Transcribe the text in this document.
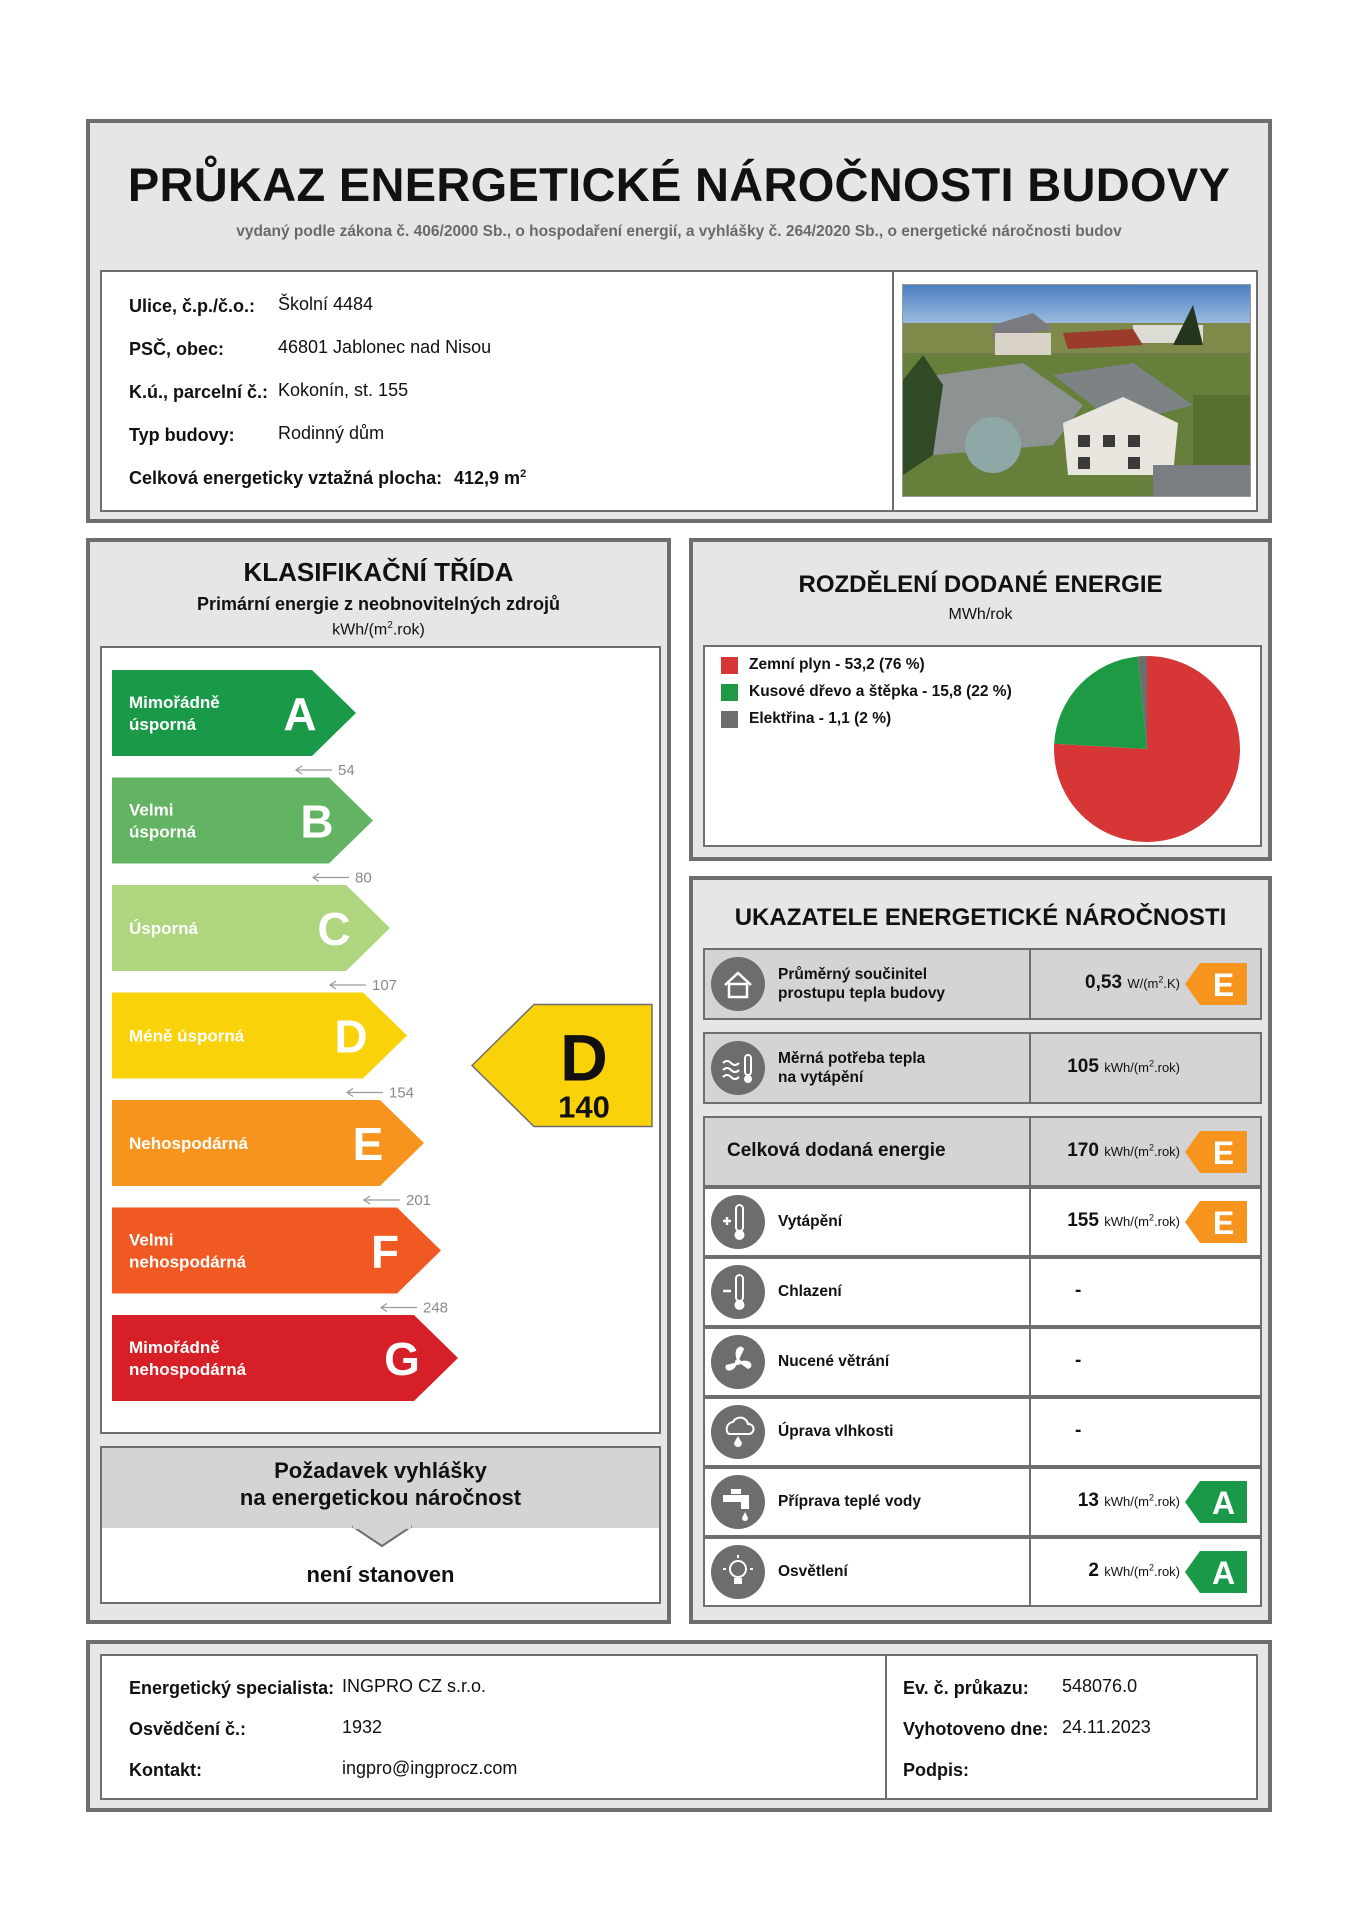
PRŮKAZ ENERGETICKÉ NÁROČNOSTI BUDOVY
vydaný podle zákona č. 406/2000 Sb., o hospodaření energií, a vyhlášky č. 264/2020 Sb., o energetické náročnosti budov
Ulice, č.p./č.o.: Školní 4484
PSČ, obec:	46801 Jablonec nad Nisou
K.ú., parcelní č.: Kokonín, st. 155
Typ budovy: Rodinný dům
Celková energeticky vztažná plocha: 412,9 $m^2$
KLASIFIKAČNÍ TŘÍDA
Primární energie z neobnovitelných zdrojů
kWh/$(m^2.rok)$
Mimořádně
úsporná A
54
Velmi
úsporná B
80
Úsporná	C
107
Méně úsporná D
154
Nehospodárná E
201
Velmi
nehospodárná	F
248
Mimořádně
nehospodárná	G
D
140
Požadavek vyhlášky
na energetickou náročnost
není stanoven
ROZDĚLENÍ DODANÉ ENERGIE
MWh/rok
Zemní plyn - 53,2 (76 %)
Kusové dřevo a štěpka - 15,8 (22 %)
Elektřina - 1,1 (2 %)
UKAZATELE ENERGETICKÉ NÁROČNOSTI
Průměrný součinitel
prostupu tepla budovy
0,53 $W/(m^2.K)$ E
Měrná potřeba tepla
na vytápění
105 kWh/$(m^2.rok)$
Celková dodaná energie	170 kWh/$(m^2.rok)$ E
Vytápění	155 kWh/$(m^2.rok)$ E
Chlazení	-
Nucené větrání	-
Úprava vlhkosti	-
Příprava teplé vody	13 kWh/$(m^2.rok)$ A
Osvětlení	2 kWh/$(m^2.rok)$ A
Energetický specialista: INGPRO CZ s.r.o.
Osvědčení č.:	1932
Kontakt:	ingpro@ingprocz.com
Ev. č. průkazu: 548076.0
Vyhotoveno dne: 24.11.2023
Podpis:
